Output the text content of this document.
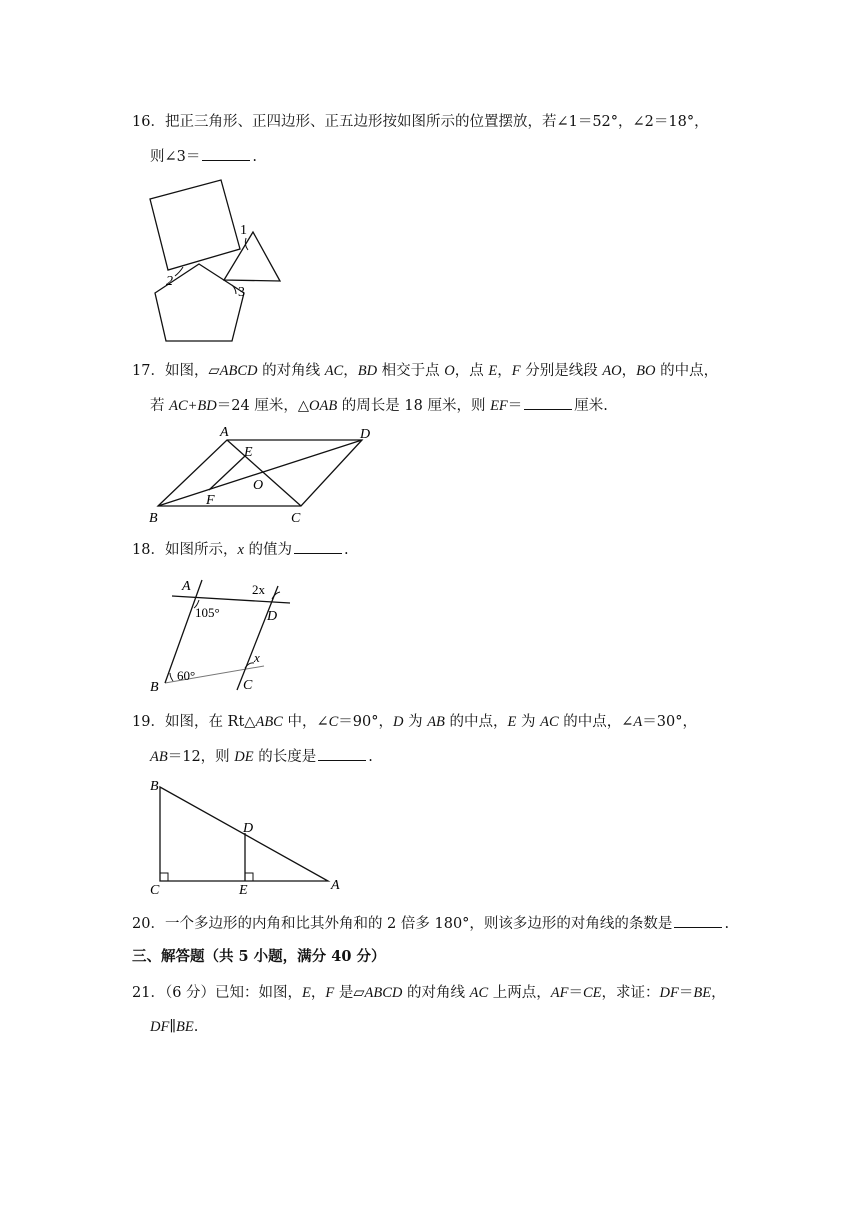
16．把正三角形、正四边形、正五边形按如图所示的位置摆放，若∠1＝52°，∠2＝18°，
则∠3＝	.
1
2
3
17．如图，▱ABCD 的对角线 AC，BD 相交于点 O，点 E，F 分别是线段 AO，BO 的中点，
若 AC+BD＝24 厘米，△OAB 的周长是 18 厘米，则 EF＝	厘米.
A	D
E
O
F
B	C
18．如图所示，x 的值为	.
A	2x
105°	D
60°
x
B	C
19．如图，在 Rt△ABC 中，∠C＝90°，D 为 AB 的中点，E 为 AC 的中点，∠A＝30°，
AB＝12，则 DE 的长度是	.
B
D
C	E	A
20．一个多边形的内角和比其外角和的 2 倍多 180°，则该多边形的对角线的条数是	.
三、解答题（共 5 小题，满分 40 分）
21．（6 分）已知：如图，E，F 是▱ABCD 的对角线 AC 上两点，AF＝CE，求证：DF＝BE，
DF∥BE.
